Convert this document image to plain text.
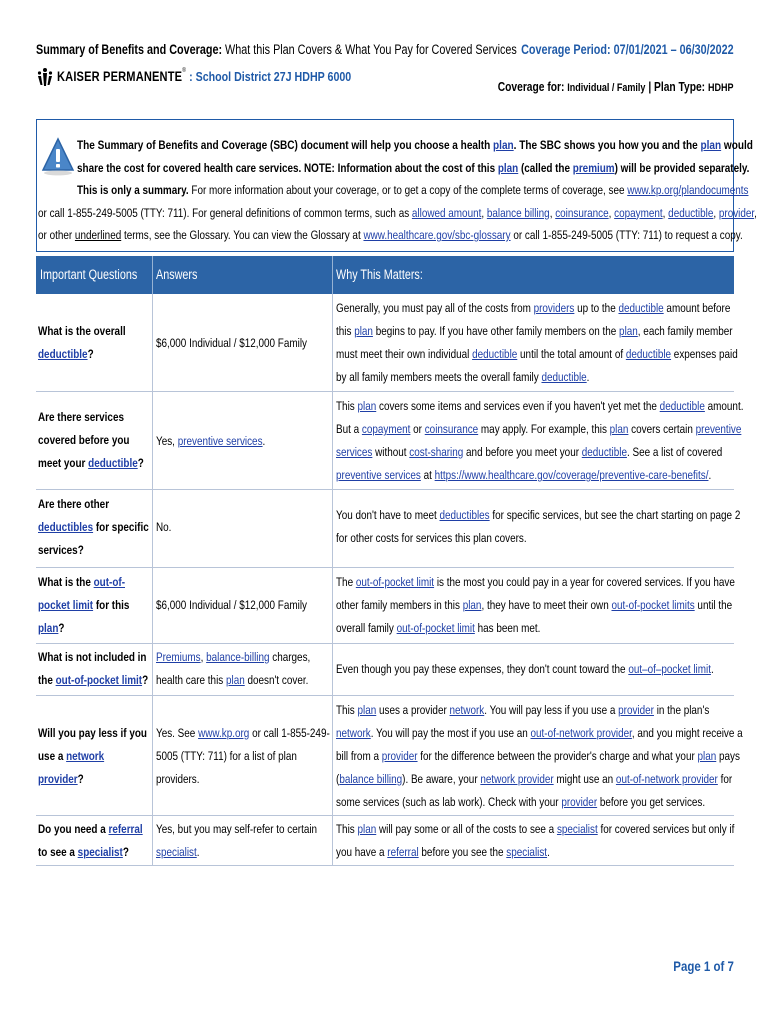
Summary of Benefits and Coverage: What this Plan Covers & What You Pay for Covered Services Coverage Period: 07/01/2021 – 06/30/2022
KAISER PERMANENTE® : School District 27J HDHP 6000
Coverage for: Individual / Family | Plan Type: HDHP
The Summary of Benefits and Coverage (SBC) document will help you choose a health plan. The SBC shows you how you and the plan would
share the cost for covered health care services. NOTE: Information about the cost of this plan (called the premium) will be provided separately.
This is only a summary. For more information about your coverage, or to get a copy of the complete terms of coverage, see www.kp.org/plandocuments
or call 1-855-249-5005 (TTY: 711). For general definitions of common terms, such as allowed amount, balance billing, coinsurance, copayment, deductible, provider,
or other underlined terms, see the Glossary. You can view the Glossary at www.healthcare.gov/sbc-glossary or call 1-855-249-5005 (TTY: 711) to request a copy.
Important Questions	Answers	Why This Matters:
What is the overall
deductible?
$6,000 Individual / $12,000 Family
Generally, you must pay all of the costs from providers up to the deductible amount before
this plan begins to pay. If you have other family members on the plan, each family member
must meet their own individual deductible until the total amount of deductible expenses paid
by all family members meets the overall family deductible.
Are there services
covered before you
meet your deductible?
Yes, preventive services.
This plan covers some items and services even if you haven't yet met the deductible amount.
But a copayment or coinsurance may apply. For example, this plan covers certain preventive
services without cost-sharing and before you meet your deductible. See a list of covered
preventive services at https://www.healthcare.gov/coverage/preventive-care-benefits/.
Are there other
deductibles for specific
services?
No.
You don't have to meet deductibles for specific services, but see the chart starting on page 2
for other costs for services this plan covers.
What is the out-of-
pocket limit for this
plan?
$6,000 Individual / $12,000 Family
The out-of-pocket limit is the most you could pay in a year for covered services. If you have
other family members in this plan, they have to meet their own out-of-pocket limits until the
overall family out-of-pocket limit has been met.
What is not included in
the out-of-pocket limit?
Premiums, balance-billing charges,
health care this plan doesn't cover.
Even though you pay these expenses, they don't count toward the out–of–pocket limit.
Will you pay less if you
use a network
provider?
Yes. See www.kp.org or call 1-855-249-
5005 (TTY: 711) for a list of plan
providers.
This plan uses a provider network. You will pay less if you use a provider in the plan's
network. You will pay the most if you use an out-of-network provider, and you might receive a
bill from a provider for the difference between the provider's charge and what your plan pays
(balance billing). Be aware, your network provider might use an out-of-network provider for
some services (such as lab work). Check with your provider before you get services.
Do you need a referral
to see a specialist?
Yes, but you may self-refer to certain
specialist.
This plan will pay some or all of the costs to see a specialist for covered services but only if
you have a referral before you see the specialist.
Page 1 of 7
